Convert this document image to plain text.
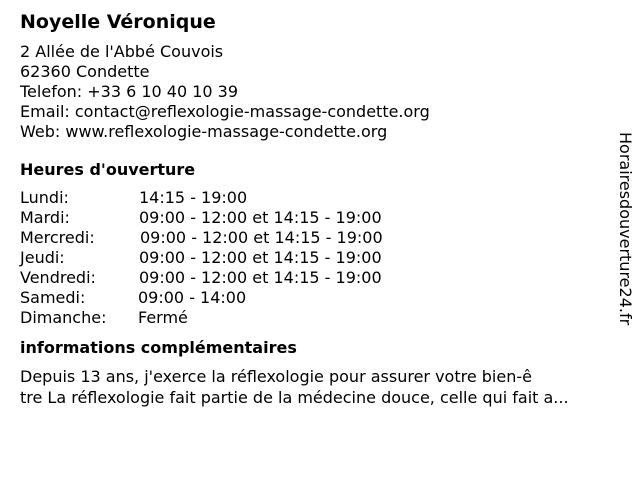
Noyelle Véronique
2 Allée de l'Abbé Couvois
62360 Condette
Telefon: +33 6 10 40 10 39
Email: contact@reflexologie-massage-condette.org
Web: www.reflexologie-massage-condette.org
Heures d'ouverture
Lundi:	14:15 - 19:00
Mardi:	09:00 - 12:00 et 14:15 - 19:00
Mercredi:	09:00 - 12:00 et 14:15 - 19:00
Jeudi:	09:00 - 12:00 et 14:15 - 19:00
Vendredi:	09:00 - 12:00 et 14:15 - 19:00
Samedi:	09:00 - 14:00
Dimanche: Fermé
informations complémentaires
Depuis 13 ans, j'exerce la réflexologie pour assurer votre bien-ê
tre La réflexologie fait partie de la médecine douce, celle qui fait a...
Horairesdouverture24.fr
